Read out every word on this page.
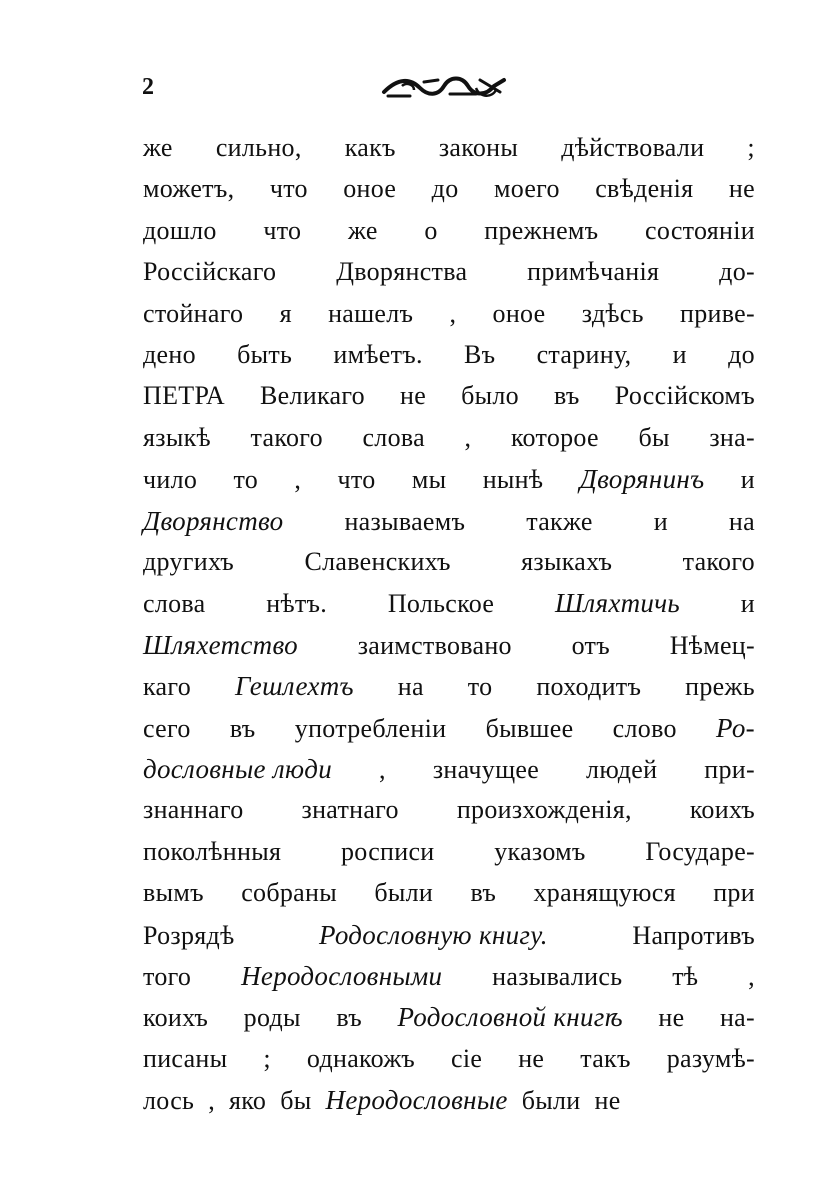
2
же сильно, какъ законы дѣйствовали ;
можетъ, что оное до моего свѣденія не
дошло что же о прежнемъ состояніи
Россійскаго Дворянства примѣчанія до-
стойнаго я нашелъ , оное здѣсь приве-
дено быть имѣетъ. Въ старину, и до
ПЕТРА Великаго не было въ Россійскомъ
языкѣ такого слова , которое бы зна-
чило то , что мы нынѣ Дворянинъ и
Дворянство называемъ также и на
другихъ	Славенскихъ	языкахъ	такого
слова нѣтъ. Польское Шляхтичь и
Шляхетство заимствовано отъ Нѣмец-
каго Гешлехтъ на то походитъ прежь
сего въ употребленіи бывшее слово Ро-
дословные люди , значущее людей при-
знаннаго знатнаго произхожденія, коихъ
поколѣнныя росписи указомъ Государе-
вымъ собраны были въ хранящуюся при
Розрядѣ	Родословную книгу.	Напротивъ
того Неродословными назывались тѣ ,
коихъ роды въ Родословной книгѣ не на-
писаны ; однакожъ сіе не такъ разумѣ-
лось , яко бы Неродословные были не
